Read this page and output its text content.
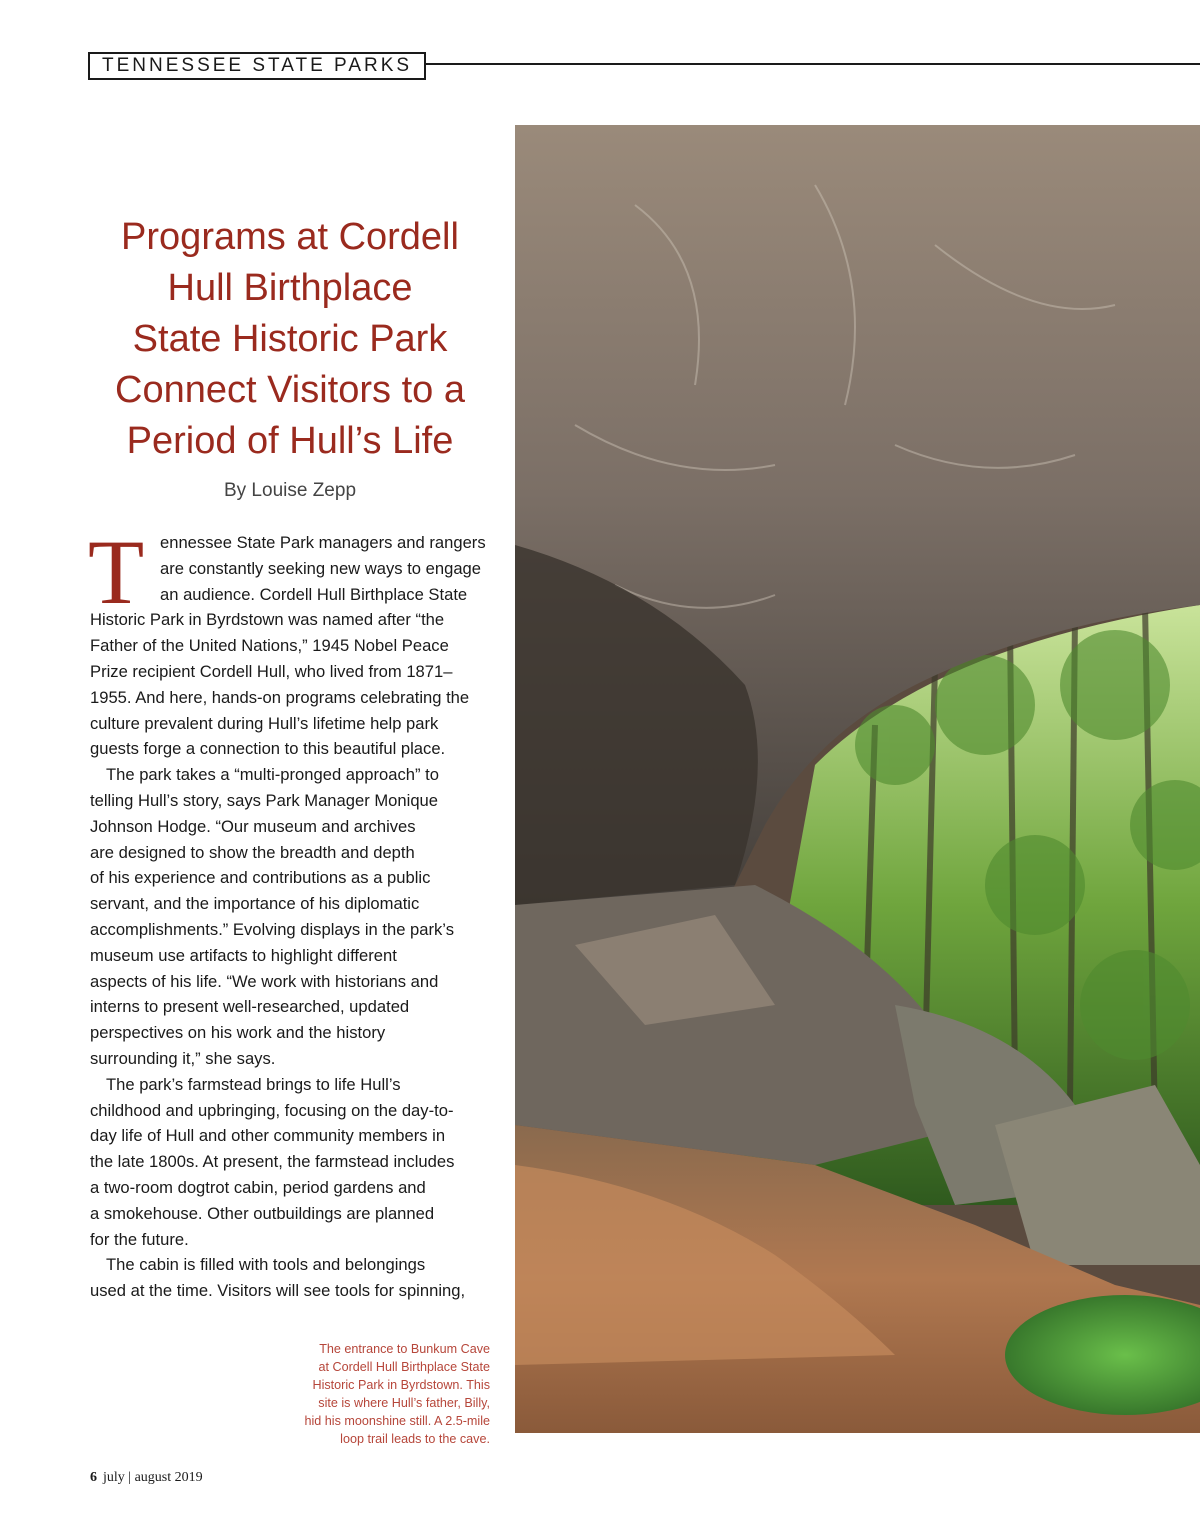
TENNESSEE STATE PARKS
Programs at Cordell
Hull Birthplace
State Historic Park
Connect Visitors to a
Period of Hull’s Life
By Louise Zepp
T ennessee State Park managers and rangers
are constantly seeking new ways to engage
an audience. Cordell Hull Birthplace State
Historic Park in Byrdstown was named after “the
Father of the United Nations,” 1945 Nobel Peace
Prize recipient Cordell Hull, who lived from 1871–
1955. And here, hands-on programs celebrating the
culture prevalent during Hull’s lifetime help park
guests forge a connection to this beautiful place.
The park takes a “multi-pronged approach” to
telling Hull’s story, says Park Manager Monique
Johnson Hodge. “Our museum and archives
are designed to show the breadth and depth
of his experience and contributions as a public
servant, and the importance of his diplomatic
accomplishments.” Evolving displays in the park’s
museum use artifacts to highlight different
aspects of his life. “We work with historians and
interns to present well-researched, updated
perspectives on his work and the history
surrounding it,” she says.
The park’s farmstead brings to life Hull’s
childhood and upbringing, focusing on the day-to-
day life of Hull and other community members in
the late 1800s. At present, the farmstead includes
a two-room dogtrot cabin, period gardens and
a smokehouse. Other outbuildings are planned
for the future.
The cabin is filled with tools and belongings
used at the time. Visitors will see tools for spinning,
The entrance to Bunkum Cave
at Cordell Hull Birthplace State
Historic Park in Byrdstown. This
site is where Hull’s father, Billy,
hid his moonshine still. A 2.5-mile
loop trail leads to the cave.
6 july | august 2019
